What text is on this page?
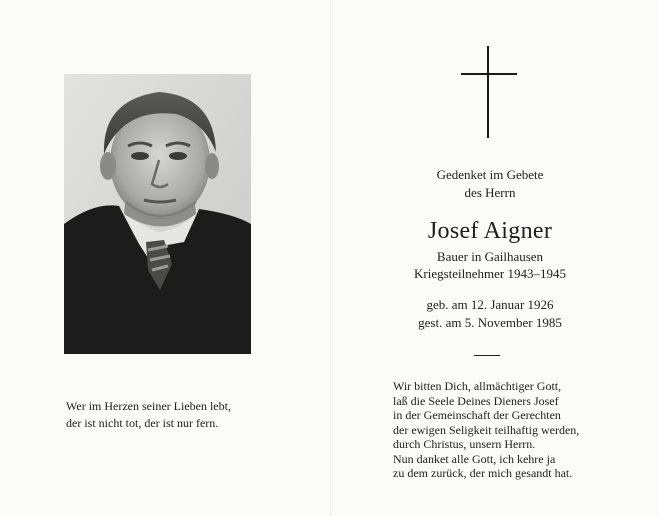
Wer im Herzen seiner Lieben lebt,
der ist nicht tot, der ist nur fern.
Gedenket im Gebete
des Herrn
Josef Aigner
Bauer in Gailhausen
Kriegsteilnehmer 1943–1945
geb. am 12. Januar 1926
gest. am 5. November 1985
Wir bitten Dich, allmächtiger Gott,
laß die Seele Deines Dieners Josef
in der Gemeinschaft der Gerechten
der ewigen Seligkeit teilhaftig werden,
durch Christus, unsern Herrn.
Nun danket alle Gott, ich kehre ja
zu dem zurück, der mich gesandt hat.
